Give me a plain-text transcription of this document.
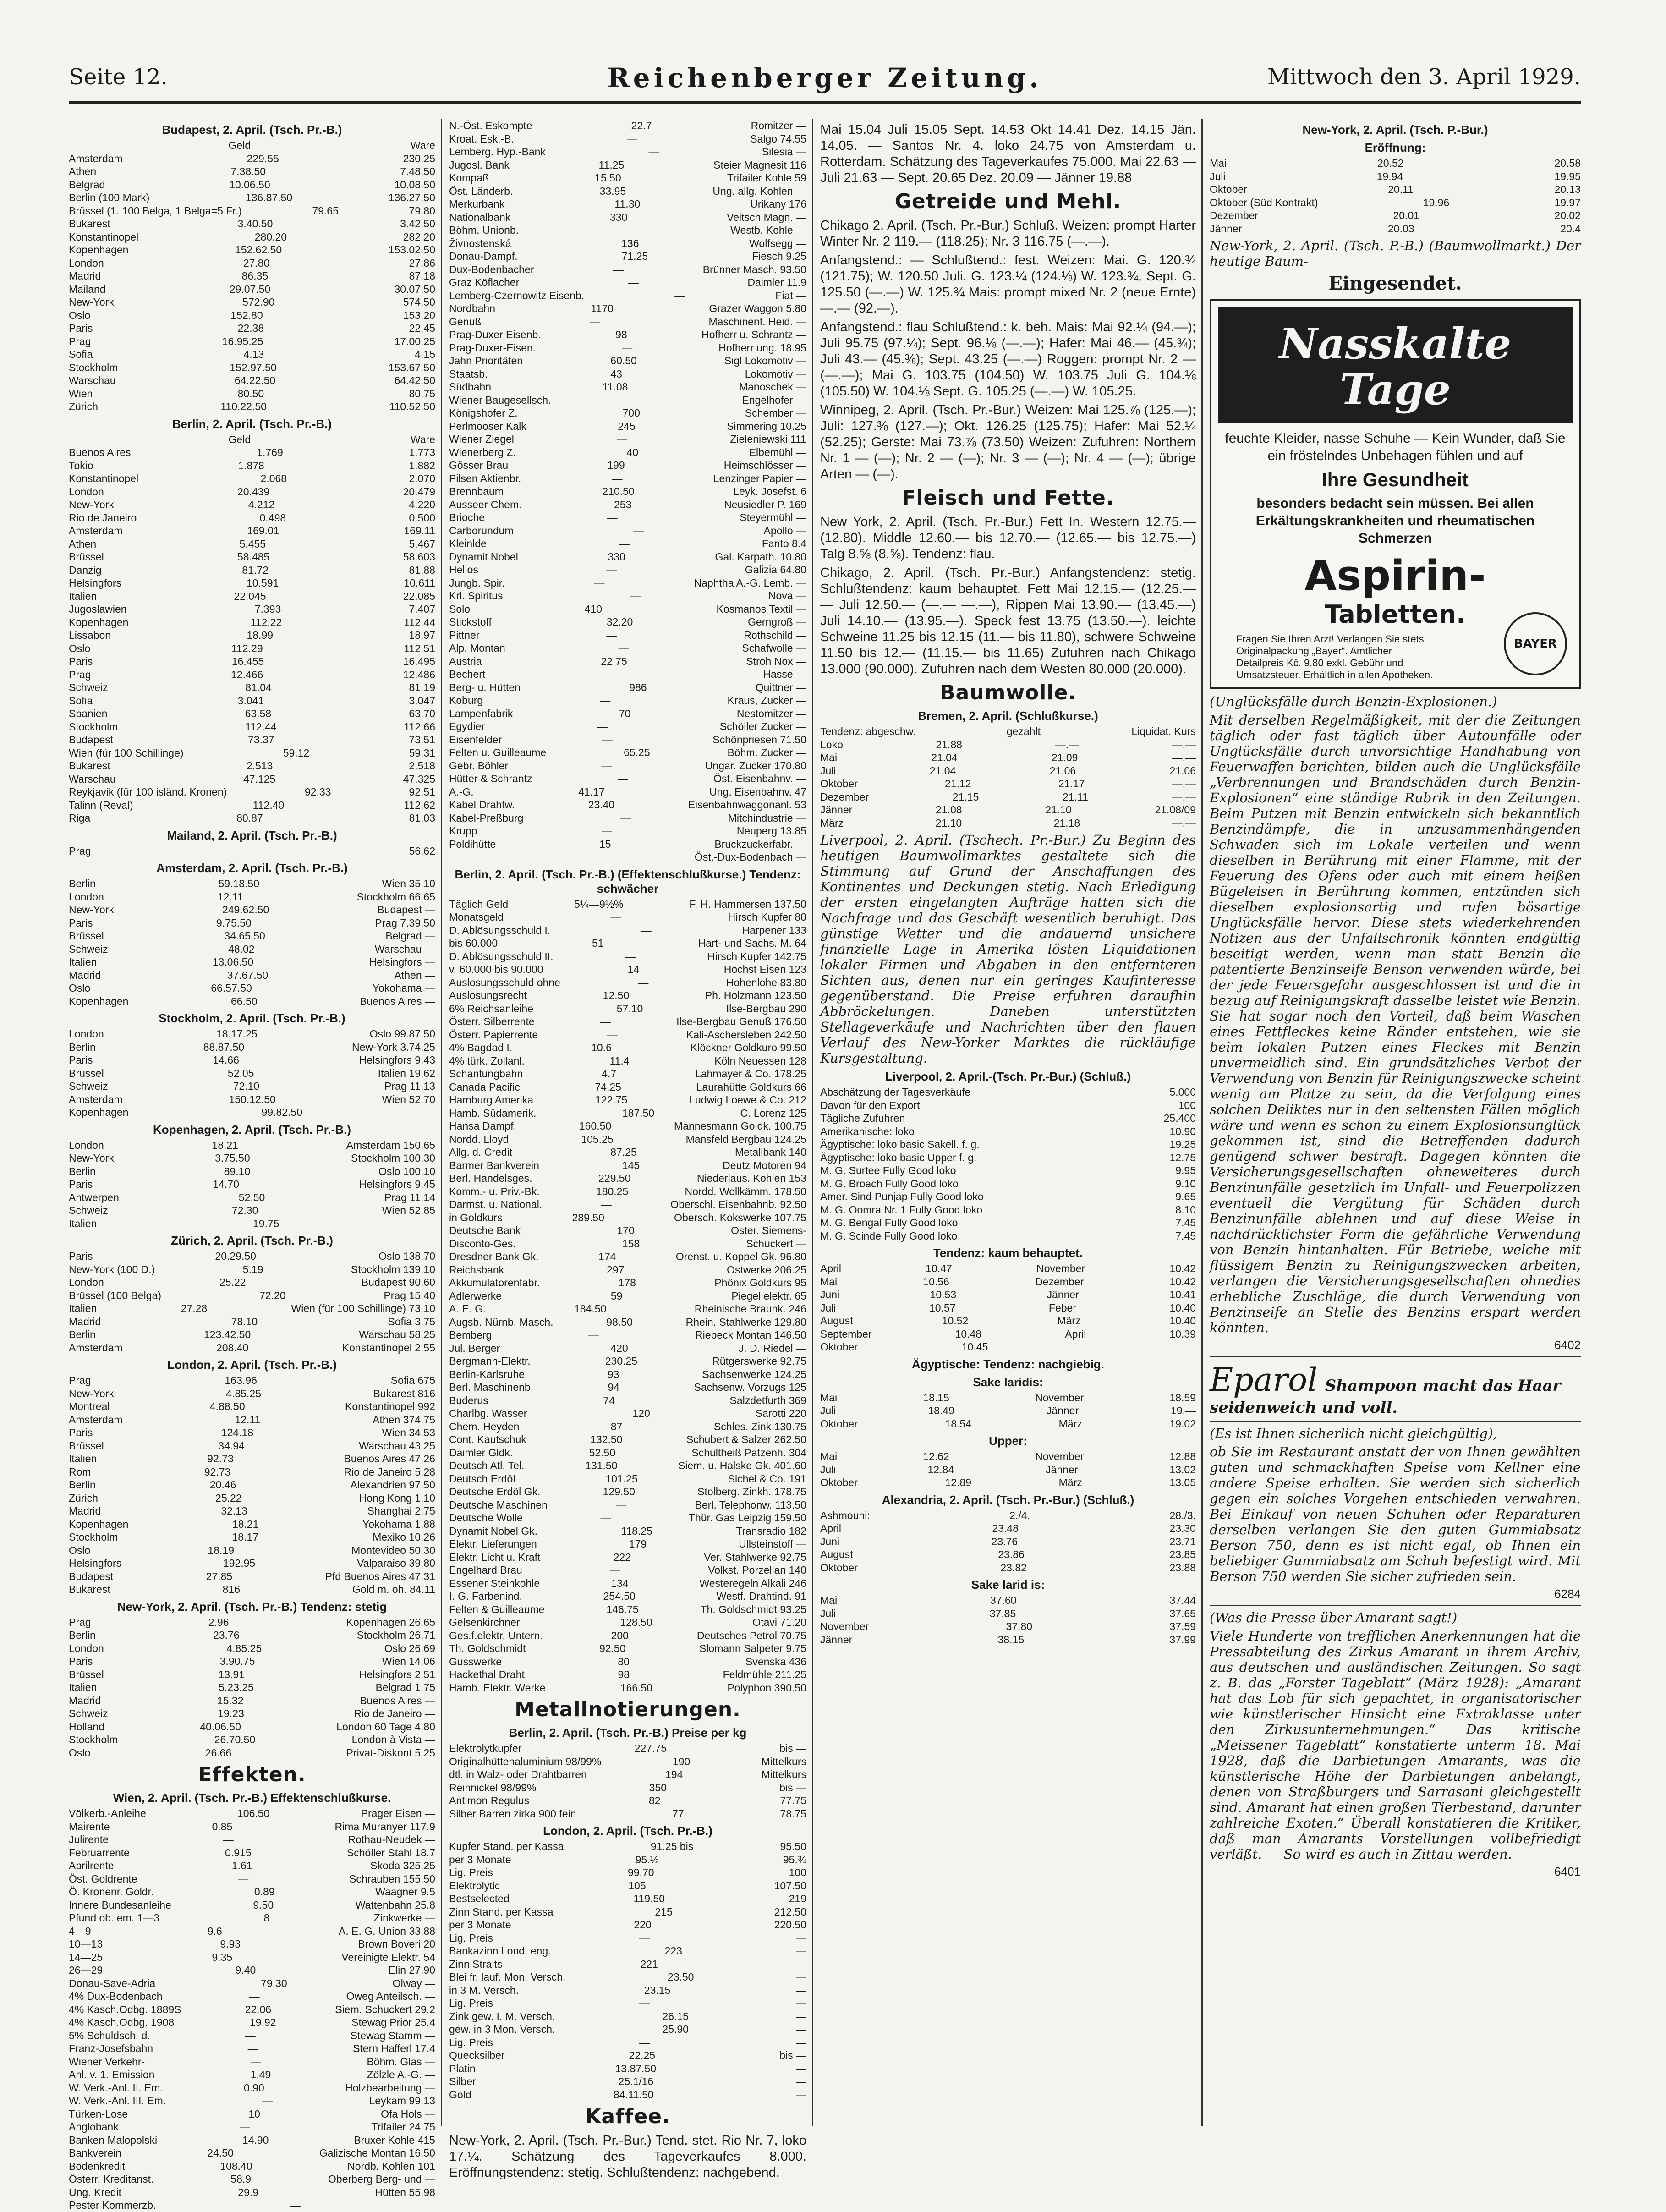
Seite 12.	Reichenberger Zeitung.	Mittwoch den 3. April 1929.
Budapest, 2. April. (Tsch. Pr.-B.)
Geld	Ware
Amsterdam	229.55	230.25
Athen	7.38.50	7.48.50
Belgrad	10.06.50	10.08.50
Berlin (100 Mark)	136.87.50	136.27.50
Brüssel (1. 100 Belga, 1 Belga=5 Fr.)	79.65	79.80
Bukarest	3.40.50	3.42.50
Konstantinopel	280.20	282.20
Kopenhagen	152.62.50	153.02.50
London	27.80	27.86
Madrid	86.35	87.18
Mailand	29.07.50	30.07.50
New-York	572.90	574.50
Oslo	152.80	153.20
Paris	22.38	22.45
Prag	16.95.25	17.00.25
Sofia	4.13	4.15
Stockholm	152.97.50	153.67.50
Warschau	64.22.50	64.42.50
Wien	80.50	80.75
Zürich	110.22.50	110.52.50
Berlin, 2. April. (Tsch. Pr.-B.)
Geld	Ware
Buenos Aires	1.769	1.773
Tokio	1.878	1.882
Konstantinopel	2.068	2.070
London	20.439	20.479
New-York	4.212	4.220
Rio de Janeiro	0.498	0.500
Amsterdam	169.01	169.11
Athen	5.455	5.467
Brüssel	58.485	58.603
Danzig	81.72	81.88
Helsingfors	10.591	10.611
Italien	22.045	22.085
Jugoslawien	7.393	7.407
Kopenhagen	112.22	112.44
Lissabon	18.99	18.97
Oslo	112.29	112.51
Paris	16.455	16.495
Prag	12.466	12.486
Schweiz	81.04	81.19
Sofia	3.041	3.047
Spanien	63.58	63.70
Stockholm	112.44	112.66
Budapest	73.37	73.51
Wien (für 100 Schillinge)	59.12	59.31
Bukarest	2.513	2.518
Warschau	47.125	47.325
Reykjavik (für 100 isländ. Kronen)	92.33	92.51
Talinn (Reval)	112.40	112.62
Riga	80.87	81.03
Mailand, 2. April. (Tsch. Pr.-B.)
Prag	56.62
Amsterdam, 2. April. (Tsch. Pr.-B.)
Berlin	59.18.50	Wien 35.10
London	12.11	Stockholm 66.65
New-York	249.62.50	Budapest —
Paris	9.75.50	Prag 7.39.50
Brüssel	34.65.50	Belgrad —
Schweiz	48.02	Warschau —
Italien	13.06.50	Helsingfors —
Madrid	37.67.50	Athen —
Oslo	66.57.50	Yokohama —
Kopenhagen	66.50	Buenos Aires —
Stockholm, 2. April. (Tsch. Pr.-B.)
London	18.17.25	Oslo 99.87.50
Berlin	88.87.50	New-York 3.74.25
Paris	14.66	Helsingfors 9.43
Brüssel	52.05	Italien 19.62
Schweiz	72.10	Prag 11.13
Amsterdam	150.12.50	Wien 52.70
Kopenhagen	99.82.50
Kopenhagen, 2. April. (Tsch. Pr.-B.)
London	18.21	Amsterdam 150.65
New-York	3.75.50	Stockholm 100.30
Berlin	89.10	Oslo 100.10
Paris	14.70	Helsingfors 9.45
Antwerpen	52.50	Prag 11.14
Schweiz	72.30	Wien 52.85
Italien	19.75
Zürich, 2. April. (Tsch. Pr.-B.)
Paris	20.29.50	Oslo 138.70
New-York (100 D.)	5.19	Stockholm 139.10
London	25.22	Budapest 90.60
Brüssel (100 Belga)	72.20	Prag 15.40
Italien	27.28	Wien (für 100 Schillinge) 73.10
Madrid	78.10	Sofia 3.75
Berlin	123.42.50	Warschau 58.25
Amsterdam	208.40	Konstantinopel 2.55
London, 2. April. (Tsch. Pr.-B.)
Prag	163.96	Sofia 675
New-York	4.85.25	Bukarest 816
Montreal	4.88.50	Konstantinopel 992
Amsterdam	12.11	Athen 374.75
Paris	124.18	Wien 34.53
Brüssel	34.94	Warschau 43.25
Italien	92.73	Buenos Aires 47.26
Rom	92.73	Rio de Janeiro 5.28
Berlin	20.46	Alexandrien 97.50
Zürich	25.22	Hong Kong 1.10
Madrid	32.13	Shanghai 2.75
Kopenhagen	18.21	Yokohama 1.88
Stockholm	18.17	Mexiko 10.26
Oslo	18.19	Montevideo 50.30
Helsingfors	192.95	Valparaiso 39.80
Budapest	27.85	Pfd Buenos Aires 47.31
Bukarest	816	Gold m. oh. 84.11
New-York, 2. April. (Tsch. Pr.-B.) Tendenz: stetig
Prag	2.96	Kopenhagen 26.65
Berlin	23.76	Stockholm 26.71
London	4.85.25	Oslo 26.69
Paris	3.90.75	Wien 14.06
Brüssel	13.91	Helsingfors 2.51
Italien	5.23.25	Belgrad 1.75
Madrid	15.32	Buenos Aires —
Schweiz	19.23	Rio de Janeiro —
Holland	40.06.50	London 60 Tage 4.80
Stockholm	26.70.50	London à Vista —
Oslo	26.66	Privat-Diskont 5.25
Effekten.
Wien, 2. April. (Tsch. Pr.-B.) Effektenschlußkurse.
Völkerb.-Anleihe	106.50	Prager Eisen —
Mairente	0.85	Rima Muranyer 117.9
Julirente	—	Rothau-Neudek —
Februarrente	0.915	Schöller Stahl 18.7
Aprilrente	1.61	Skoda 325.25
Öst. Goldrente	—	Schrauben 155.50
Ö. Kronenr. Goldr.	0.89	Waagner 9.5
Innere Bundesanleihe	9.50	Wattenbahn 25.8
Pfund ob. em. 1—3	8	Zinkwerke —
4—9	9.6	A. E. G. Union 33.88
10—13	9.93	Brown Boveri 20
14—25	9.35	Vereinigte Elektr. 54
26—29	9.40	Elin 27.90
Donau-Save-Adria	79.30	Olway —
4% Dux-Bodenbach	—	Oweg Anteilsch. —
4% Kasch.Odbg. 1889S	22.06	Siem. Schuckert 29.2
4% Kasch.Odbg. 1908	19.92	Stewag Prior 25.4
5% Schuldsch. d.	—	Stewag Stamm —
Franz-Josefsbahn	—	Stern Hafferl 17.4
Wiener Verkehr-	—	Böhm. Glas —
Anl. v. 1. Emission	1.49	Zölzle A.-G. —
W. Verk.-Anl. II. Em.	0.90	Holzbearbeitung —
W. Verk.-Anl. III. Em.	—	Leykam 99.13
Türken-Lose	10	Ofa Hols —
Anglobank	—	Trifailer 24.75
Banken Malopolski	14.90	Bruxer Kohle 415
Bankverein	24.50	Galizische Montan 16.50
Bodenkredit	108.40	Nordb. Kohlen 101
Österr. Kreditanst.	58.9	Oberberg Berg- und —
Ung. Kredit	29.9	Hütten 55.98
Pester Kommerzb.	—
N.-Öst. Eskompte	22.7	Romitzer —
Kroat. Esk.-B.	—	Salgo 74.55
Lemberg. Hyp.-Bank	—	Silesia —
Jugosl. Bank	11.25	Steier Magnesit 116
Kompaß	15.50	Trifailer Kohle 59
Öst. Länderb.	33.95	Ung. allg. Kohlen —
Merkurbank	11.30	Urikany 176
Nationalbank	330	Veitsch Magn. —
Böhm. Unionb.	—	Westb. Kohle —
Živnostenská	136	Wolfsegg —
Donau-Dampf.	71.25	Fiesch 9.25
Dux-Bodenbacher	—	Brünner Masch. 93.50
Graz Köflacher	—	Daimler 11.9
Lemberg-Czernowitz Eisenb.	—	Fiat —
Nordbahn	1170	Grazer Waggon 5.80
Genuß	—	Maschinenf. Heid. —
Prag-Duxer Eisenb.	98	Hofherr u. Schrantz —
Prag-Duxer-Eisen.	—	Hofherr ung. 18.95
Jahn Prioritäten	60.50	Sigl Lokomotiv —
Staatsb.	43	Lokomotiv —
Südbahn	11.08	Manoschek —
Wiener Baugesellsch.	—	Engelhofer —
Königshofer Z.	700	Schember —
Perlmooser Kalk	245	Simmering 10.25
Wiener Ziegel	—	Zieleniewski 111
Wienerberg Z.	40	Elbemühl —
Gösser Brau	199	Heimschlösser —
Pilsen Aktienbr.	—	Lenzinger Papier —
Brennbaum	210.50	Leyk. Josefst. 6
Ausseer Chem.	253	Neusiedler P. 169
Brioche	—	Steyermühl —
Carborundum	—	Apollo —
Kleinlde	—	Fanto 8.4
Dynamit Nobel	330	Gal. Karpath. 10.80
Helios	—	Galizia 64.80
Jungb. Spir.	—	Naphtha A.-G. Lemb. —
Krl. Spiritus	—	Nova —
Solo	410	Kosmanos Textil —
Stickstoff	32.20	Gerngroß —
Pittner	—	Rothschild —
Alp. Montan	—	Schafwolle —
Austria	22.75	Stroh Nox —
Bechert	—	Hasse —
Berg- u. Hütten	986	Quittner —
Koburg	—	Kraus, Zucker —
Lampenfabrik	70	Nestomitzer —
Egydier	—	Schöller Zucker —
Eisenfelder	—	Schönpriesen 71.50
Felten u. Guilleaume	65.25	Böhm. Zucker —
Gebr. Böhler	—	Ungar. Zucker 170.80
Hütter & Schrantz	—	Öst. Eisenbahnv. —
A.-G.	41.17	Ung. Eisenbahnv. 47
Kabel Drahtw.	23.40	Eisenbahnwaggonanl. 53
Kabel-Preßburg	—	Mitchindustrie —
Krupp	—	Neuperg 13.85
Poldihütte	15	Bruckzuckerfabr. —
Öst.-Dux-Bodenbach —
Berlin, 2. April. (Tsch. Pr.-B.) (Effektenschlußkurse.) Tendenz: schwächer
Täglich Geld	5¼—9½%	F. H. Hammersen 137.50
Monatsgeld	—	Hirsch Kupfer 80
D. Ablösungsschuld I.	—	Harpener 133
bis 60.000	51	Hart- und Sachs. M. 64
D. Ablösungsschuld II.	—	Hirsch Kupfer 142.75
v. 60.000 bis 90.000	14	Höchst Eisen 123
Auslosungsschuld ohne	—	Hohenlohe 83.80
Auslosungsrecht	12.50	Ph. Holzmann 123.50
6% Reichsanleihe	57.10	Ilse-Bergbau 290
Österr. Silberrente	—	Ilse-Bergbau Genuß 176.50
Österr. Papierrente	—	Kali-Aschersleben 242.50
4% Bagdad I.	10.6	Klöckner Goldkuro 99.50
4% türk. Zollanl.	11.4	Köln Neuessen 128
Schantungbahn	4.7	Lahmayer & Co. 178.25
Canada Pacific	74.25	Laurahütte Goldkurs 66
Hamburg Amerika	122.75	Ludwig Loewe & Co. 212
Hamb. Südamerik.	187.50	C. Lorenz 125
Hansa Dampf.	160.50	Mannesmann Goldk. 100.75
Nordd. Lloyd	105.25	Mansfeld Bergbau 124.25
Allg. d. Credit	87.25	Metallbank 140
Barmer Bankverein	145	Deutz Motoren 94
Berl. Handelsges.	229.50	Niederlaus. Kohlen 153
Komm.- u. Priv.-Bk.	180.25	Nordd. Wollkämm. 178.50
Darmst. u. National.	—	Oberschl. Eisenbahnb. 92.50
in Goldkurs	289.50	Obersch. Kokswerke 107.75
Deutsche Bank	170	Oster. Siemens-
Disconto-Ges.	158	Schuckert —
Dresdner Bank Gk.	174	Orenst. u. Koppel Gk. 96.80
Reichsbank	297	Ostwerke 206.25
Akkumulatorenfabr.	178	Phönix Goldkurs 95
Adlerwerke	59	Piegel elektr. 65
A. E. G.	184.50	Rheinische Braunk. 246
Augsb. Nürnb. Masch.	98.50	Rhein. Stahlwerke 129.80
Bemberg	—	Riebeck Montan 146.50
Jul. Berger	420	J. D. Riedel —
Bergmann-Elektr.	230.25	Rütgerswerke 92.75
Berlin-Karlsruhe	93	Sachsenwerke 124.25
Berl. Maschinenb.	94	Sachsenw. Vorzugs 125
Buderus	74	Salzdetfurth 369
Charlbg. Wasser	120	Sarotti 220
Chem. Heyden	87	Schles. Zink 130.75
Cont. Kautschuk	132.50	Schubert & Salzer 262.50
Daimler Gldk.	52.50	Schultheiß Patzenh. 304
Deutsch Atl. Tel.	131.50	Siem. u. Halske Gk. 401.60
Deutsch Erdöl	101.25	Sichel & Co. 191
Deutsche Erdöl Gk.	129.50	Stolberg. Zinkh. 178.75
Deutsche Maschinen	—	Berl. Telephonw. 113.50
Deutsche Wolle	—	Thür. Gas Leipzig 159.50
Dynamit Nobel Gk.	118.25	Transradio 182
Elektr. Lieferungen	179	Ullsteinstoff —
Elektr. Licht u. Kraft	222	Ver. Stahlwerke 92.75
Engelhard Brau	—	Volkst. Porzellan 140
Essener Steinkohle	134	Westeregeln Alkali 246
I. G. Farbenind.	254.50	Westf. Drahtind. 91
Felten & Guilleaume	146.75	Th. Goldschmidt 93.25
Gelsenkirchner	128.50	Otavi 71.20
Ges.f.elektr. Untern.	200	Deutsches Petrol 70.75
Th. Goldschmidt	92.50	Slomann Salpeter 9.75
Gusswerke	80	Svenska 436
Hackethal Draht	98	Feldmühle 211.25
Hamb. Elektr. Werke	166.50	Polyphon 390.50
Metallnotierungen.
Berlin, 2. April. (Tsch. Pr.-B.) Preise per kg
Elektrolytkupfer	227.75	bis —
Originalhüttenaluminium 98/99%	190	Mittelkurs
dtl. in Walz- oder Drahtbarren	194	Mittelkurs
Reinnickel 98/99%	350	bis —
Antimon Regulus	82	77.75
Silber Barren zirka 900 fein	77	78.75
London, 2. April. (Tsch. Pr.-B.)
Kupfer Stand. per Kassa	91.25 bis	95.50
per 3 Monate	95.½	95.¾
Lig. Preis	99.70	100
Elektrolytic	105	107.50
Bestselected	119.50	219
Zinn Stand. per Kassa	215	212.50
per 3 Monate	220	220.50
Lig. Preis	—	—
Bankazinn Lond. eng.	223	—
Zinn Straits	221	—
Blei fr. lauf. Mon. Versch.	23.50	—
in 3 M. Versch.	23.15	—
Lig. Preis	—	—
Zink gew. I. M. Versch.	26.15	—
gew. in 3 Mon. Versch.	25.90	—
Lig. Preis	—	—
Quecksilber	22.25	bis —
Platin	13.87.50	—
Silber	25.1/16	—
Gold	84.11.50	—
Kaffee.
New-York, 2. April. (Tsch. Pr.-Bur.) Tend. stet. Rio Nr. 7, loko 17.¼. Schätzung des Tageverkaufes 8.000. Eröffnungstendenz: stetig. Schlußtendenz: nachgebend.
Mai 15.04 Juli 15.05 Sept. 14.53 Okt 14.41 Dez. 14.15 Jän. 14.05. — Santos Nr. 4. loko 24.75 von Amsterdam u. Rotterdam. Schätzung des Tageverkaufes 75.000. Mai 22.63 — Juli 21.63 — Sept. 20.65 Dez. 20.09 — Jänner 19.88
Getreide und Mehl.
Chikago 2. April. (Tsch. Pr.-Bur.) Schluß. Weizen: prompt Harter Winter Nr. 2 119.— (118.25); Nr. 3 116.75 (—.—).
Anfangstend.: — Schlußtend.: fest. Weizen: Mai. G. 120.¾ (121.75); W. 120.50 Juli. G. 123.¼ (124.⅛) W. 123.¾, Sept. G. 125.50 (—.—) W. 125.¾ Mais: prompt mixed Nr. 2 (neue Ernte) —.— (92.—).
Anfangstend.: flau Schlußtend.: k. beh. Mais: Mai 92.¼ (94.—); Juli 95.75 (97.¼); Sept. 96.⅛ (—.—); Hafer: Mai 46.— (45.¾); Juli 43.— (45.⅜); Sept. 43.25 (—.—) Roggen: prompt Nr. 2 — (—.—); Mai G. 103.75 (104.50) W. 103.75 Juli G. 104.⅛ (105.50) W. 104.⅛ Sept. G. 105.25 (—.—) W. 105.25.
Winnipeg, 2. April. (Tsch. Pr.-Bur.) Weizen: Mai 125.⅞ (125.—); Juli: 127.⅜ (127.—); Okt. 126.25 (125.75); Hafer: Mai 52.¼ (52.25); Gerste: Mai 73.⅞ (73.50) Weizen: Zufuhren: Northern Nr. 1 — (—); Nr. 2 — (—); Nr. 3 — (—); Nr. 4 — (—); übrige Arten — (—).
Fleisch und Fette.
New York, 2. April. (Tsch. Pr.-Bur.) Fett In. Western 12.75.— (12.80). Middle 12.60.— bis 12.70.— (12.65.— bis 12.75.—) Talg 8.⅝ (8.⅝). Tendenz: flau.
Chikago, 2. April. (Tsch. Pr.-Bur.) Anfangstendenz: stetig. Schlußtendenz: kaum behauptet. Fett Mai 12.15.— (12.25.— — Juli 12.50.— (—.— —.—), Rippen Mai 13.90.— (13.45.—) Juli 14.10.— (13.95.—). Speck fest 13.75 (13.50.—). leichte Schweine 11.25 bis 12.15 (11.— bis 11.80), schwere Schweine 11.50 bis 12.— (11.15.— bis 11.65) Zufuhren nach Chikago 13.000 (90.000). Zufuhren nach dem Westen 80.000 (20.000).
Baumwolle.
Bremen, 2. April. (Schlußkurse.)
Tendenz: abgeschw.	gezahlt	Liquidat. Kurs
Loko	21.88	—.—	—.—
Mai	21.04	21.09	—.—
Juli	21.04	21.06	21.06
Oktober	21.12	21.17	—.—
Dezember	21.15	21.11	—.—
Jänner	21.08	21.10	21.08/09
März	21.10	21.18	—.—
Liverpool, 2. April. (Tschech. Pr.-Bur.) Zu Beginn des heutigen Baumwollmarktes gestaltete sich die Stimmung auf Grund der Anschaffungen des Kontinentes und Deckungen stetig. Nach Erledigung der ersten eingelangten Aufträge hatten sich die Nachfrage und das Geschäft wesentlich beruhigt. Das günstige Wetter und die andauernd unsichere finanzielle Lage in Amerika lösten Liquidationen lokaler Firmen und Abgaben in den entfernteren Sichten aus, denen nur ein geringes Kaufinteresse gegenüberstand. Die Preise erfuhren daraufhin Abbröckelungen. Daneben unterstützten Stellageverkäufe und Nachrichten über den flauen Verlauf des New-Yorker Marktes die rückläufige Kursgestaltung.
Liverpool, 2. April.-(Tsch. Pr.-Bur.) (Schluß.)
Abschätzung der Tagesverkäufe	5.000
Davon für den Export	100
Tägliche Zufuhren	25.400
Amerikanische: loko	10.90
Ägyptische: loko basic Sakell. f. g.	19.25
Ägyptische: loko basic Upper f. g.	12.75
M. G. Surtee Fully Good loko	9.95
M. G. Broach Fully Good loko	9.10
Amer. Sind Punjap Fully Good loko	9.65
M. G. Oomra Nr. 1 Fully Good loko	8.10
M. G. Bengal Fully Good loko	7.45
M. G. Scinde Fully Good loko	7.45
Tendenz: kaum behauptet.
April	10.47	November	10.42
Mai	10.56	Dezember	10.42
Juni	10.53	Jänner	10.41
Juli	10.57	Feber	10.40
August	10.52	März	10.40
September	10.48	April	10.39
Oktober	10.45
Ägyptische: Tendenz: nachgiebig.
Sake laridis:
Mai	18.15	November	18.59
Juli	18.49	Jänner	19.—
Oktober	18.54	März	19.02
Upper:
Mai	12.62	November	12.88
Juli	12.84	Jänner	13.02
Oktober	12.89	März	13.05
Alexandria, 2. April. (Tsch. Pr.-Bur.) (Schluß.)
Ashmouni:	2./4.	28./3.
April	23.48	23.30
Juni	23.76	23.71
August	23.86	23.85
Oktober	23.82	23.88
Sake larid is:
Mai	37.60	37.44
Juli	37.85	37.65
November	37.80	37.59
Jänner	38.15	37.99
New-York, 2. April. (Tsch. P.-Bur.)
Eröffnung:
Mai	20.52	20.58
Juli	19.94	19.95
Oktober	20.11	20.13
Oktober (Süd Kontrakt)	19.96	19.97
Dezember	20.01	20.02
Jänner	20.03	20.4
New-York, 2. April. (Tsch. P.-B.) (Baumwollmarkt.) Der heutige Baum-
Eingesendet.
Nasskalte Tage
feuchte Kleider, nasse Schuhe — Kein Wunder, daß Sie ein fröstelndes Unbehagen fühlen und auf
Ihre Gesundheit
besonders bedacht sein müssen. Bei allen Erkältungskrankheiten und rheumatischen Schmerzen
Aspirin-
Tabletten.
Fragen Sie Ihren Arzt! Verlangen Sie stets Originalpackung „Bayer“. Amtlicher Detailpreis Kč. 9.80 exkl. Gebühr und Umsatzsteuer. Erhältlich in allen Apotheken.
BAYER
(Unglücksfälle durch Benzin-Explosionen.)
Mit derselben Regelmäßigkeit, mit der die Zeitungen täglich oder fast täglich über Autounfälle oder Unglücksfälle durch unvorsichtige Handhabung von Feuerwaffen berichten, bilden auch die Unglücksfälle „Verbrennungen und Brandschäden durch Benzin-Explosionen“ eine ständige Rubrik in den Zeitungen. Beim Putzen mit Benzin entwickeln sich bekanntlich Benzindämpfe, die in unzusammenhängenden Schwaden sich im Lokale verteilen und wenn dieselben in Berührung mit einer Flamme, mit der Feuerung des Ofens oder auch mit einem heißen Bügeleisen in Berührung kommen, entzünden sich dieselben explosionsartig und rufen bösartige Unglücksfälle hervor. Diese stets wiederkehrenden Notizen aus der Unfallschronik könnten endgültig beseitigt werden, wenn man statt Benzin die patentierte Benzinseife Benson verwenden würde, bei der jede Feuersgefahr ausgeschlossen ist und die in bezug auf Reinigungskraft dasselbe leistet wie Benzin. Sie hat sogar noch den Vorteil, daß beim Waschen eines Fettfleckes keine Ränder entstehen, wie sie beim lokalen Putzen eines Fleckes mit Benzin unvermeidlich sind. Ein grundsätzliches Verbot der Verwendung von Benzin für Reinigungszwecke scheint wenig am Platze zu sein, da die Verfolgung eines solchen Deliktes nur in den seltensten Fällen möglich wäre und wenn es schon zu einem Explosionsunglück gekommen ist, sind die Betreffenden dadurch genügend schwer bestraft. Dagegen könnten die Versicherungsgesellschaften ohneweiteres durch Benzinunfälle gesetzlich im Unfall- und Feuerpolizzen eventuell die Vergütung für Schäden durch Benzinunfälle ablehnen und auf diese Weise in nachdrücklichster Form die gefährliche Verwendung von Benzin hintanhalten. Für Betriebe, welche mit flüssigem Benzin zu Reinigungszwecken arbeiten, verlangen die Versicherungsgesellschaften ohnedies erhebliche Zuschläge, die durch Verwendung von Benzinseife an Stelle des Benzins erspart werden könnten.
6402
Eparol Shampoon macht das Haar seidenweich und voll.
(Es ist Ihnen sicherlich nicht gleichgültig),
ob Sie im Restaurant anstatt der von Ihnen gewählten guten und schmackhaften Speise vom Kellner eine andere Speise erhalten. Sie werden sich sicherlich gegen ein solches Vorgehen entschieden verwahren. Bei Einkauf von neuen Schuhen oder Reparaturen derselben verlangen Sie den guten Gummiabsatz Berson 750, denn es ist nicht egal, ob Ihnen ein beliebiger Gummiabsatz am Schuh befestigt wird. Mit Berson 750 werden Sie sicher zufrieden sein.
6284
(Was die Presse über Amarant sagt!)
Viele Hunderte von trefflichen Anerkennungen hat die Pressabteilung des Zirkus Amarant in ihrem Archiv, aus deutschen und ausländischen Zeitungen. So sagt z. B. das „Forster Tageblatt“ (März 1928): „Amarant hat das Lob für sich gepachtet, in organisatorischer wie künstlerischer Hinsicht eine Extraklasse unter den Zirkusunternehmungen.“ Das kritische „Meissener Tageblatt“ konstatierte unterm 18. Mai 1928, daß die Darbietungen Amarants, was die künstlerische Höhe der Darbietungen anbelangt, denen von Straßburgers und Sarrasani gleichgestellt sind. Amarant hat einen großen Tierbestand, darunter zahlreiche Exoten.“ Überall konstatieren die Kritiker, daß man Amarants Vorstellungen vollbefriedigt verläßt. — So wird es auch in Zittau werden.
6401
